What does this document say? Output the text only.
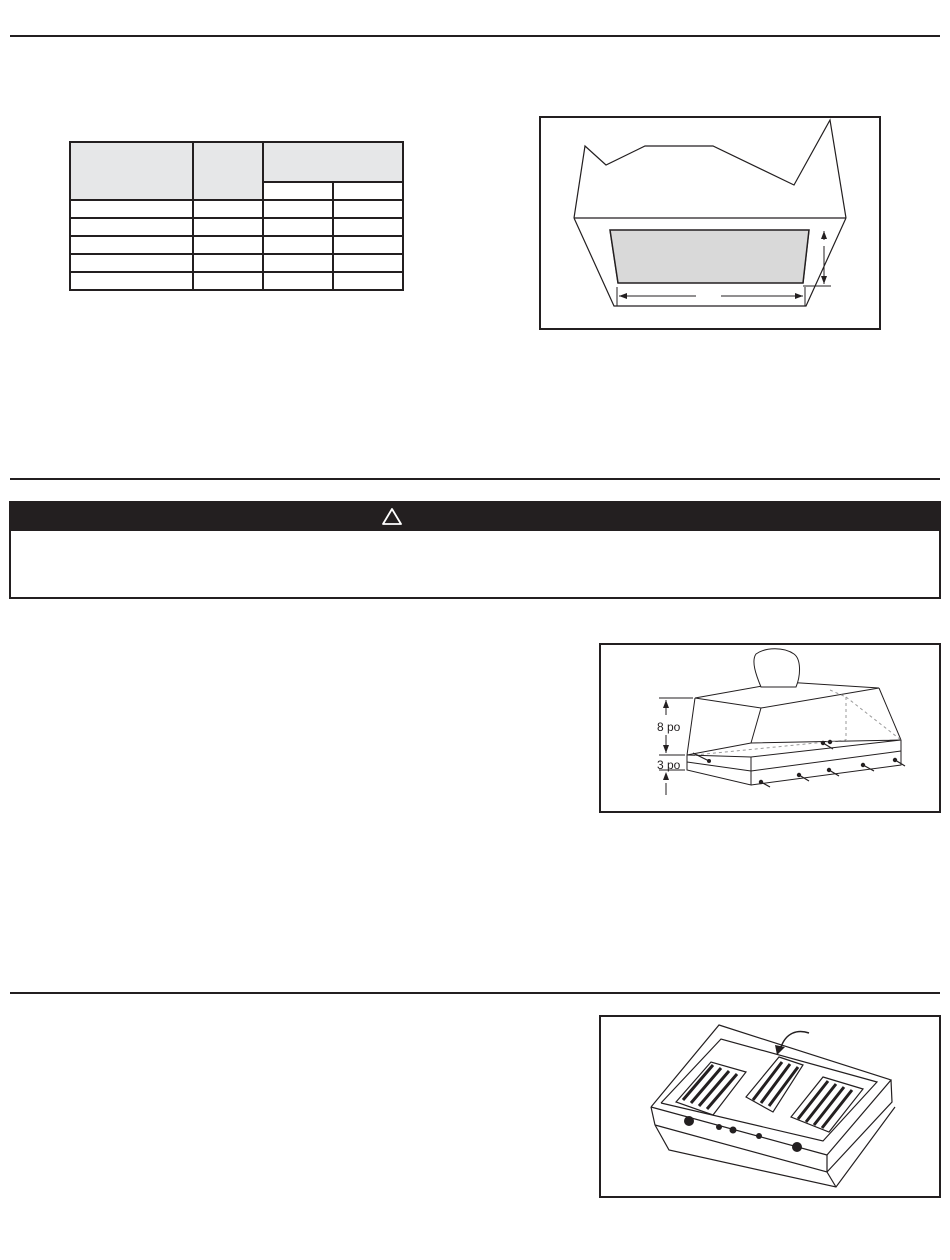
8 po
3 po
